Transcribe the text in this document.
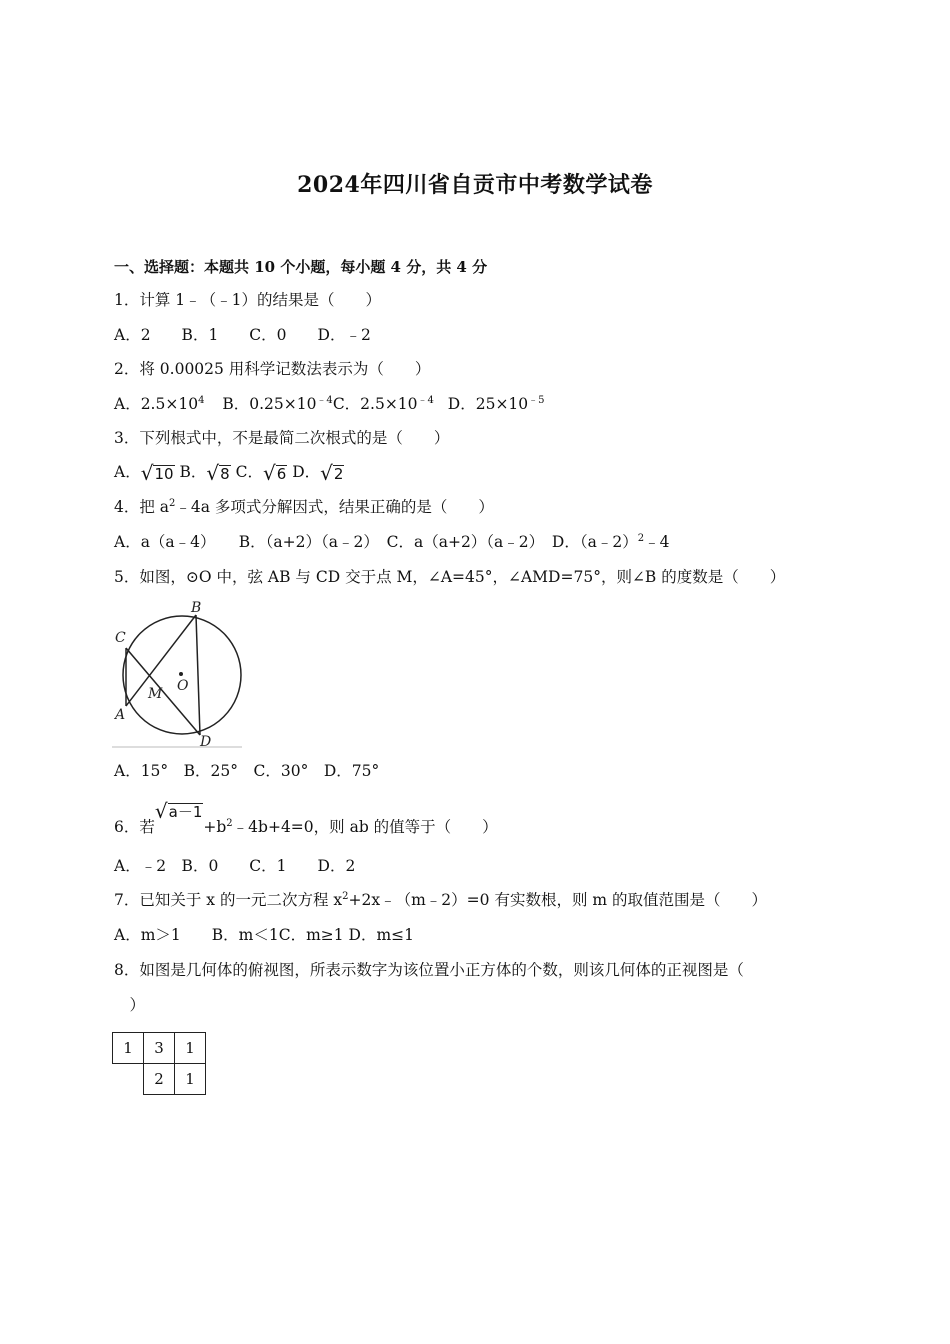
2024年四川省自贡市中考数学试卷
一、选择题：本题共 10 个小题，每小题 4 分，共 4 分
1．计算 1﹣（﹣1）的结果是（　　）
A．2　　B．1　　C．0　　D．﹣2
2．将 0.00025 用科学记数法表示为（　　）
A．$2.5\times 10^4$ B．$0.25\times 10^{﹣4}C$．$2.5\times 10^{﹣4}$ D．$25\times 10^{﹣5}$
3．下列根式中，不是最简二次根式的是（　　）
A． √ 10 B． √ 8 C． √ 6 D． √ 2
4．把 $a^2﹣4a$ 多项式分解因式，结果正确的是（　　）
A．a（a﹣4）　　B．（a+2）（a﹣2）　C．a（a+2）（a﹣2）　D．（a﹣2）$^2$﹣4
5．如图，⊙O 中，弦 AB 与 CD 交于点 M，∠A=45°，∠AMD=75°，则∠B 的度数是（　　）
B
C
M O
A
D
A．15°　B．25°　C．30°　D．75°
6．若
√ a－1
$+b^2﹣4b+4=0$，则 ab 的值等于（　　）
A．﹣2　B．0　　C．1　　D．2
7．已知关于 x 的一元二次方程 $x^2+2x﹣(m﹣2)=0$ 有实数根，则 m 的取值范围是（　　）
A．m＞1　　B．m＜1C．m≥1 D．m≤1
8．如图是几何体的俯视图，所表示数字为该位置小正方体的个数，则该几何体的正视图是（
　）
1	3	1
	2	1
